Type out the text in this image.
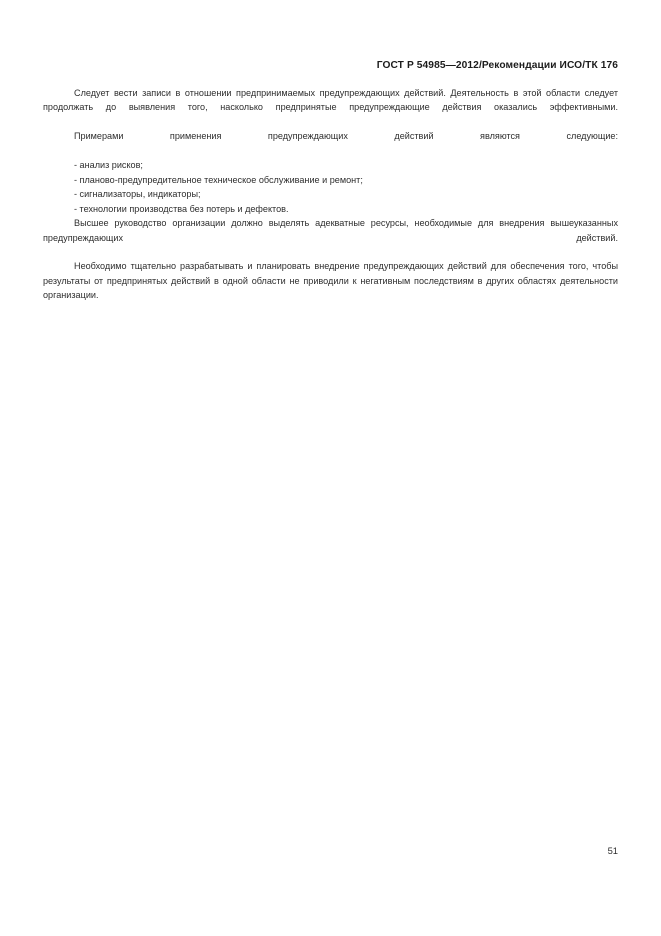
ГОСТ Р 54985—2012/Рекомендации ИСО/ТК 176

Следует вести записи в отношении предпринимаемых предупреждающих действий. Деятельность в этой области следует продолжать до выявления того, насколько предпринятые предупреждающие действия оказались эффективными.

Примерами применения предупреждающих действий являются следующие:

- анализ рисков;
- планово-предупредительное техническое обслуживание и ремонт;
- сигнализаторы, индикаторы;
- технологии производства без потерь и дефектов.

Высшее руководство организации должно выделять адекватные ресурсы, необходимые для внедрения вышеуказанных предупреждающих действий.

Необходимо тщательно разрабатывать и планировать внедрение предупреждающих действий для обеспечения того, чтобы результаты от предпринятых действий в одной области не приводили к негативным последствиям в других областях деятельности организации.

51
